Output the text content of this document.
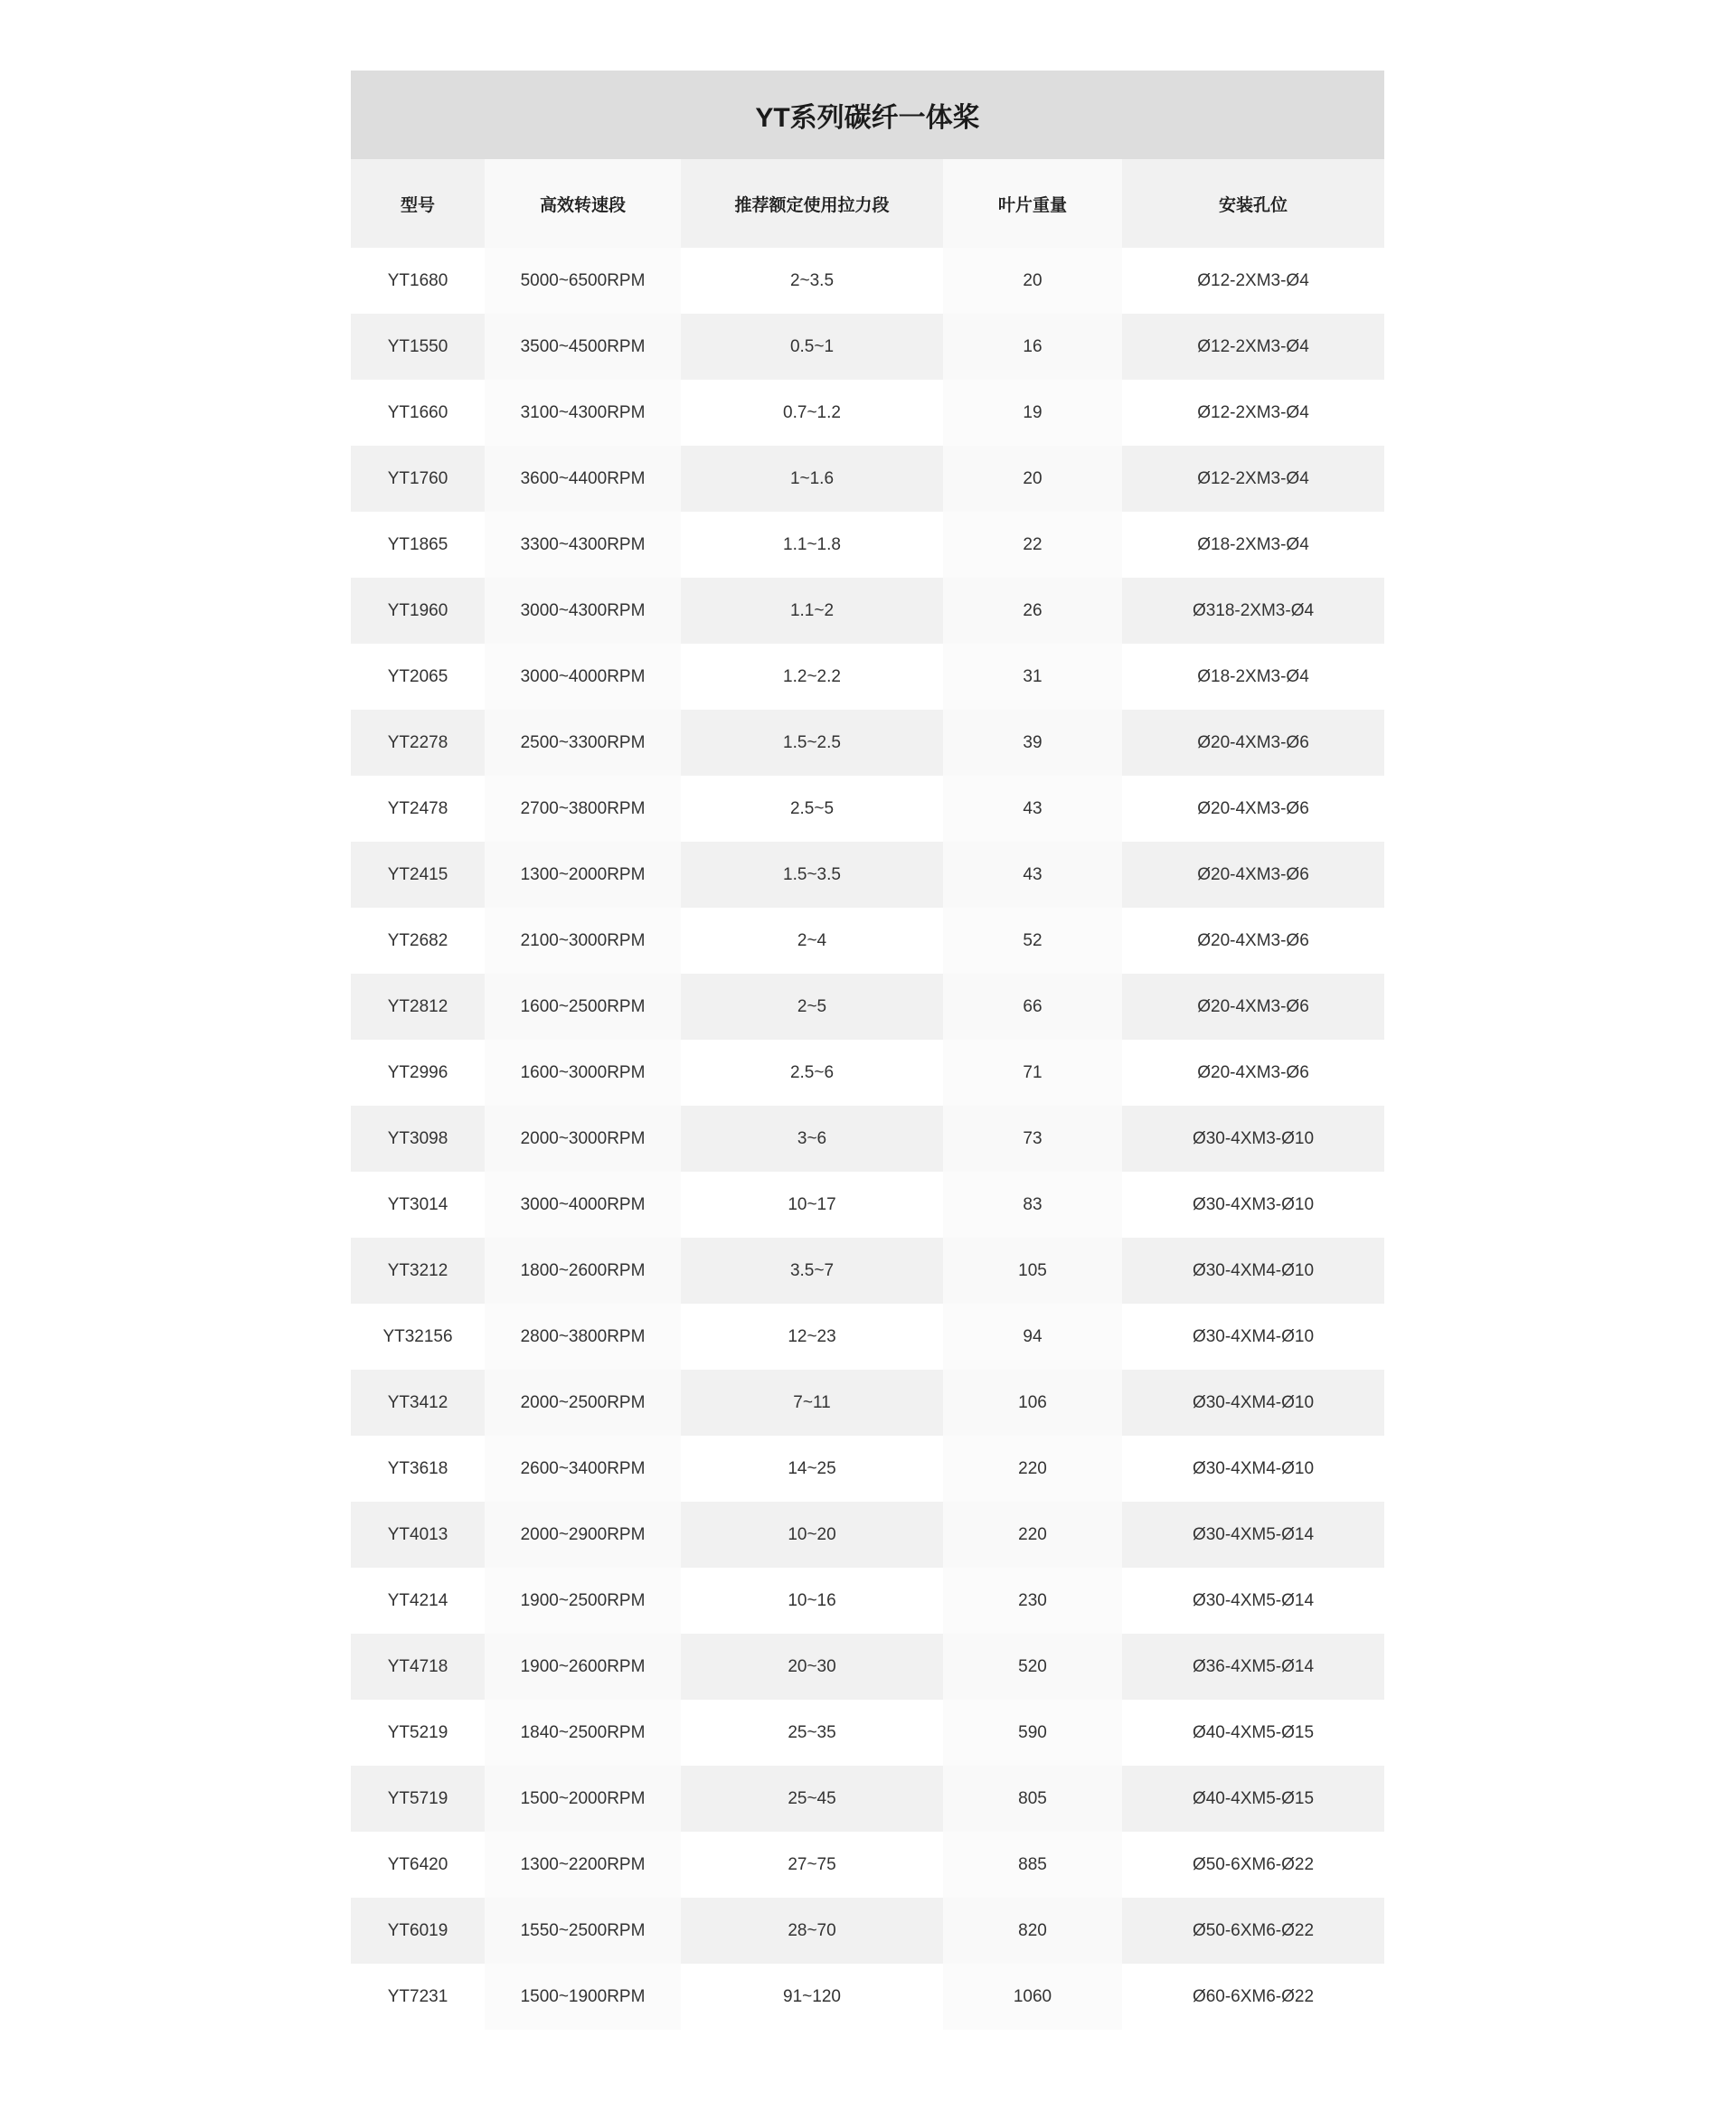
YT系列碳纤一体桨
型号	高效转速段	推荐额定使用拉力段	叶片重量	安装孔位
YT1680	5000~6500RPM	2~3.5	20	Ø12-2XM3-Ø4
YT1550	3500~4500RPM	0.5~1	16	Ø12-2XM3-Ø4
YT1660	3100~4300RPM	0.7~1.2	19	Ø12-2XM3-Ø4
YT1760	3600~4400RPM	1~1.6	20	Ø12-2XM3-Ø4
YT1865	3300~4300RPM	1.1~1.8	22	Ø18-2XM3-Ø4
YT1960	3000~4300RPM	1.1~2	26	Ø318-2XM3-Ø4
YT2065	3000~4000RPM	1.2~2.2	31	Ø18-2XM3-Ø4
YT2278	2500~3300RPM	1.5~2.5	39	Ø20-4XM3-Ø6
YT2478	2700~3800RPM	2.5~5	43	Ø20-4XM3-Ø6
YT2415	1300~2000RPM	1.5~3.5	43	Ø20-4XM3-Ø6
YT2682	2100~3000RPM	2~4	52	Ø20-4XM3-Ø6
YT2812	1600~2500RPM	2~5	66	Ø20-4XM3-Ø6
YT2996	1600~3000RPM	2.5~6	71	Ø20-4XM3-Ø6
YT3098	2000~3000RPM	3~6	73	Ø30-4XM3-Ø10
YT3014	3000~4000RPM	10~17	83	Ø30-4XM3-Ø10
YT3212	1800~2600RPM	3.5~7	105	Ø30-4XM4-Ø10
YT32156	2800~3800RPM	12~23	94	Ø30-4XM4-Ø10
YT3412	2000~2500RPM	7~11	106	Ø30-4XM4-Ø10
YT3618	2600~3400RPM	14~25	220	Ø30-4XM4-Ø10
YT4013	2000~2900RPM	10~20	220	Ø30-4XM5-Ø14
YT4214	1900~2500RPM	10~16	230	Ø30-4XM5-Ø14
YT4718	1900~2600RPM	20~30	520	Ø36-4XM5-Ø14
YT5219	1840~2500RPM	25~35	590	Ø40-4XM5-Ø15
YT5719	1500~2000RPM	25~45	805	Ø40-4XM5-Ø15
YT6420	1300~2200RPM	27~75	885	Ø50-6XM6-Ø22
YT6019	1550~2500RPM	28~70	820	Ø50-6XM6-Ø22
YT7231	1500~1900RPM	91~120	1060	Ø60-6XM6-Ø22
